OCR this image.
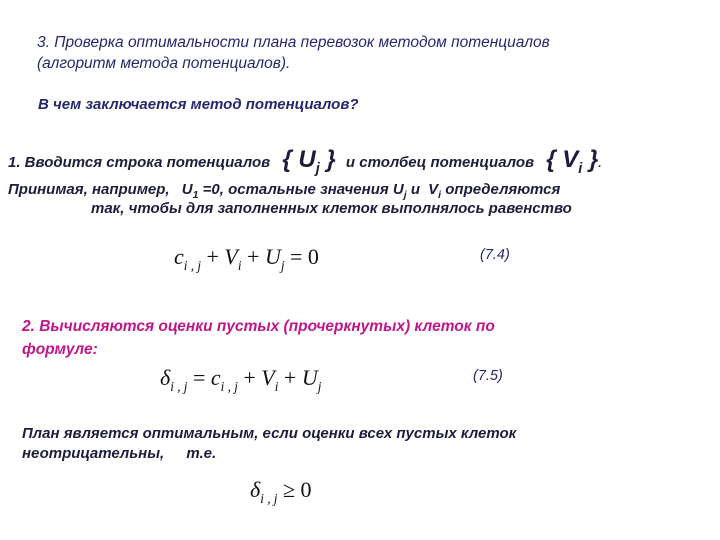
3. Проверка оптимальности плана перевозок методом потенциалов
(алгоритм метода потенциалов).
В чем заключается метод потенциалов?
1. Вводится строка потенциалов { $U_j$ } и столбец потенциалов { $V_i$ }.
Принимая, например, $U_1 =0$, остальные значения $U_j$ и $V_i$ определяются
так, чтобы для заполненных клеток выполнялось равенство
$c_{i , j} + V_i + U_j = 0$	(7.4)
2. Вычисляются оценки пустых (прочеркнутых) клеток по
формуле:
$\delta_{i , j} = c_{i , j} + V_i + U_j$
(7.5)
План является оптимальным, если оценки всех пустых клеток
неотрицательны, т.е.
$\delta_{i , j} \ge 0$
